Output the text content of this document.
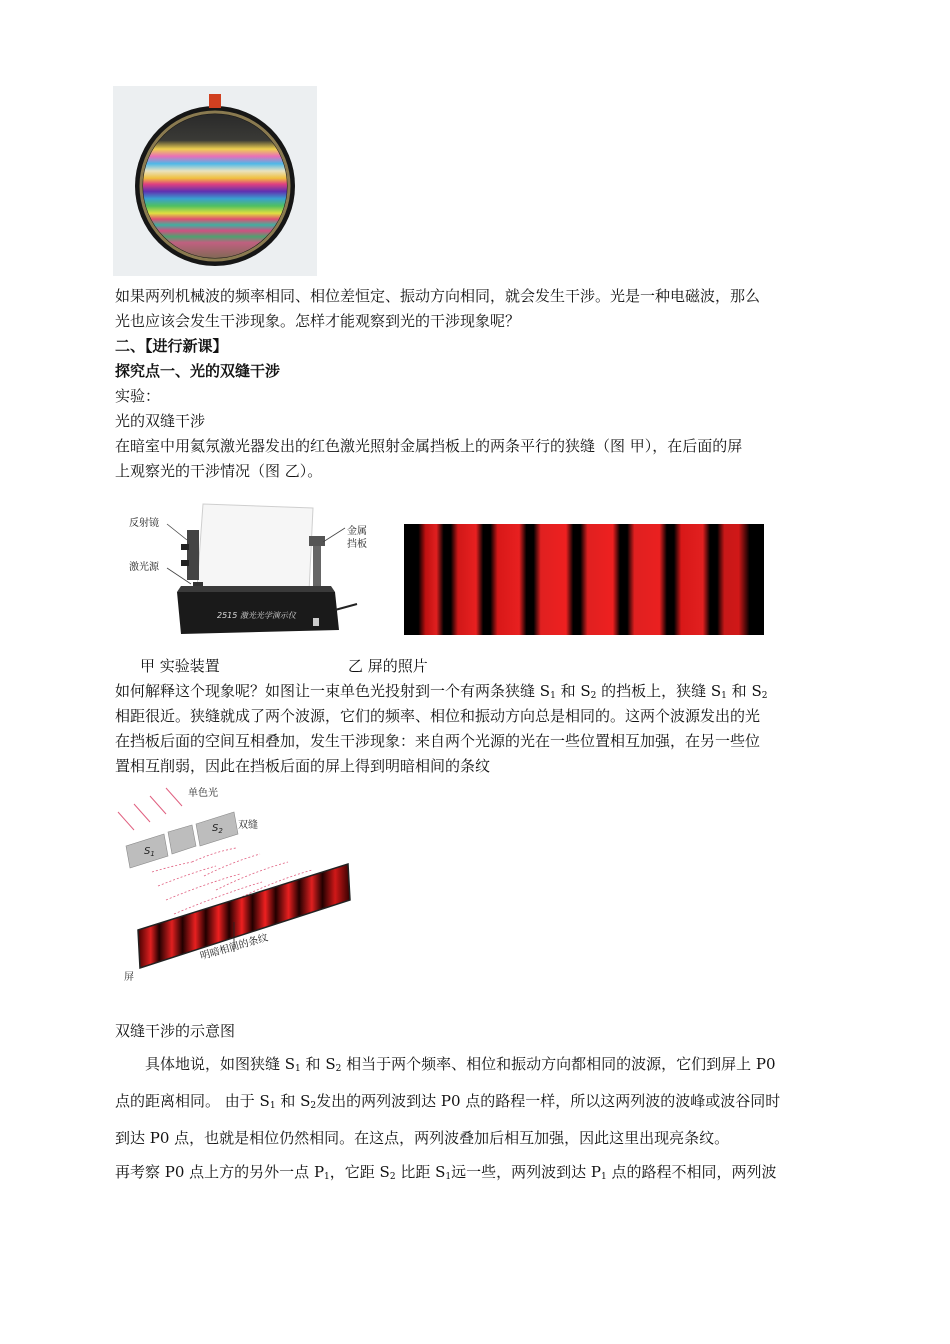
如果两列机械波的频率相同、相位差恒定、振动方向相同，就会发生干涉。光是一种电磁波，那么
光也应该会发生干涉现象。怎样才能观察到光的干涉现象呢？
二、【进行新课】
探究点一、光的双缝干涉
实验：
光的双缝干涉
在暗室中用氦氖激光器发出的红色激光照射金属挡板上的两条平行的狭缝（图 甲），在后面的屏
上观察光的干涉情况（图 乙）。
反射镜
激光源
金属
挡板
2515 激光光学演示仪
甲 实验装置	乙 屏的照片
如何解释这个现象呢？如图让一束单色光投射到一个有两条狭缝 $S_1$ 和 $S_2$ 的挡板上，狭缝 $S_1$ 和 $S_2$
相距很近。狭缝就成了两个波源，它们的频率、相位和振动方向总是相同的。这两个波源发出的光
在挡板后面的空间互相叠加，发生干涉现象：来自两个光源的光在一些位置相互加强，在另一些位
置相互削弱，因此在挡板后面的屏上得到明暗相间的条纹
单色光
双缝
$S_1$
$S_2$
明暗相间的条纹
屏
双缝干涉的示意图
具体地说，如图狭缝 $S_1$ 和 $S_2$ 相当于两个频率、相位和振动方向都相同的波源，它们到屏上 P0
点的距离相同。 由于 $S_1$ 和 $S_2$发出的两列波到达 P0 点的路程一样，所以这两列波的波峰或波谷同时
到达 P0 点，也就是相位仍然相同。在这点，两列波叠加后相互加强，因此这里出现亮条纹。
再考察 P0 点上方的另外一点 $P_1$，它距 $S_2$ 比距 $S_1$远一些，两列波到达 $P_1$ 点的路程不相同，两列波
